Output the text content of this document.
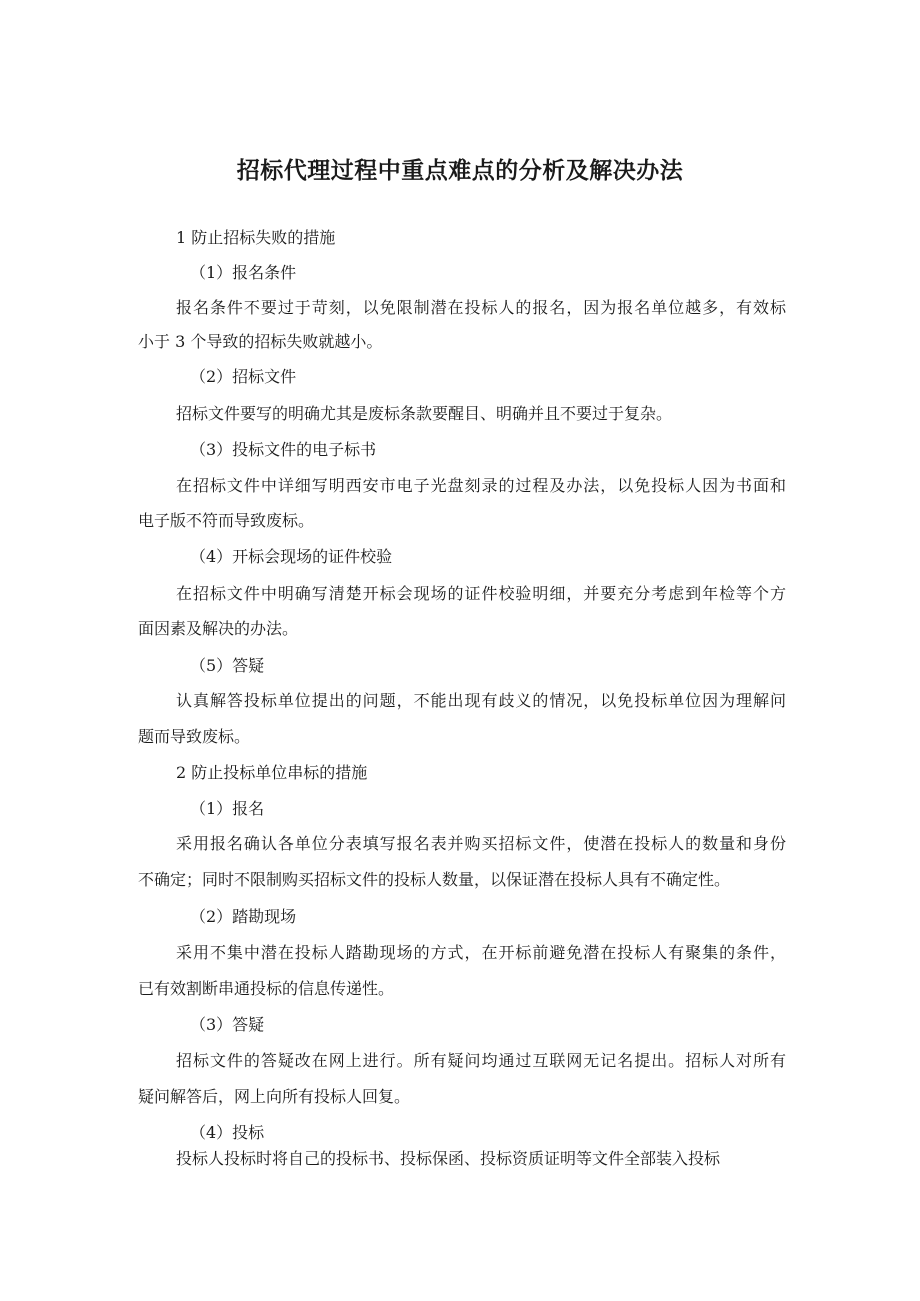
招标代理过程中重点难点的分析及解决办法
1 防止招标失败的措施
（1）报名条件
报名条件不要过于苛刻，以免限制潜在投标人的报名，因为报名单位越多，有效标
小于 3 个导致的招标失败就越小。
（2）招标文件
招标文件要写的明确尤其是废标条款要醒目、明确并且不要过于复杂。
（3）投标文件的电子标书
在招标文件中详细写明西安市电子光盘刻录的过程及办法，以免投标人因为书面和
电子版不符而导致废标。
（4）开标会现场的证件校验
在招标文件中明确写清楚开标会现场的证件校验明细，并要充分考虑到年检等个方
面因素及解决的办法。
（5）答疑
认真解答投标单位提出的问题，不能出现有歧义的情况，以免投标单位因为理解问
题而导致废标。
2 防止投标单位串标的措施
（1）报名
采用报名确认各单位分表填写报名表并购买招标文件，使潜在投标人的数量和身份
不确定；同时不限制购买招标文件的投标人数量，以保证潜在投标人具有不确定性。
（2）踏勘现场
采用不集中潜在投标人踏勘现场的方式，在开标前避免潜在投标人有聚集的条件，
已有效割断串通投标的信息传递性。
（3）答疑
招标文件的答疑改在网上进行。所有疑问均通过互联网无记名提出。招标人对所有
疑问解答后，网上向所有投标人回复。
（4）投标
投标人投标时将自己的投标书、投标保函、投标资质证明等文件全部装入投标
